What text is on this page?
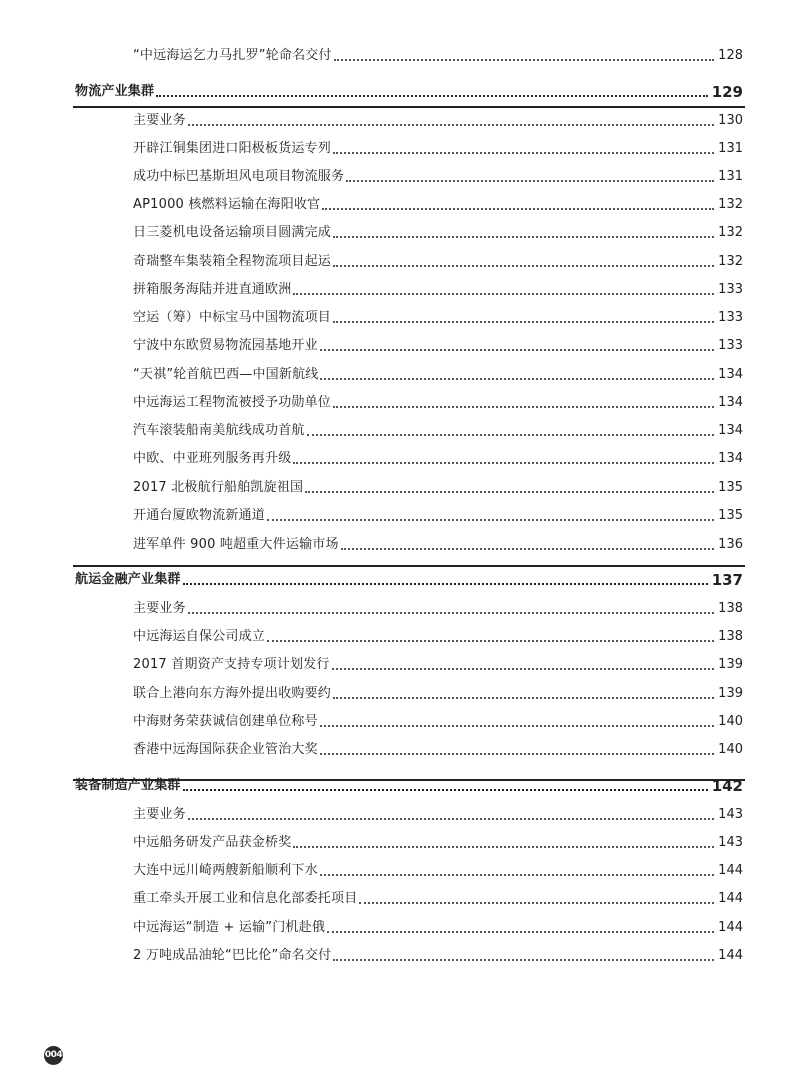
“中远海运乞力马扎罗”轮命名交付	128
物流产业集群	129
主要业务	130
开辟江铜集团进口阳极板货运专列	131
成功中标巴基斯坦风电项目物流服务	131
AP1000 核燃料运输在海阳收官	132
日三菱机电设备运输项目圆满完成	132
奇瑞整车集装箱全程物流项目起运	132
拼箱服务海陆并进直通欧洲	133
空运（筹）中标宝马中国物流项目	133
宁波中东欧贸易物流园基地开业	133
“天祺”轮首航巴西—中国新航线	134
中远海运工程物流被授予功勋单位	134
汽车滚装船南美航线成功首航	134
中欧、中亚班列服务再升级	134
2017 北极航行船舶凯旋祖国	135
开通台厦欧物流新通道	135
进军单件 900 吨超重大件运输市场	136
航运金融产业集群	137
主要业务	138
中远海运自保公司成立	138
2017 首期资产支持专项计划发行	139
联合上港向东方海外提出收购要约	139
中海财务荣获诚信创建单位称号	140
香港中远海国际获企业管治大奖	140
装备制造产业集群	142
主要业务	143
中远船务研发产品获金桥奖	143
大连中远川崎两艘新船顺利下水	144
重工牵头开展工业和信息化部委托项目	144
中远海运“制造 + 运输”门机赴俄	144
2 万吨成品油轮“巴比伦”命名交付	144
004
